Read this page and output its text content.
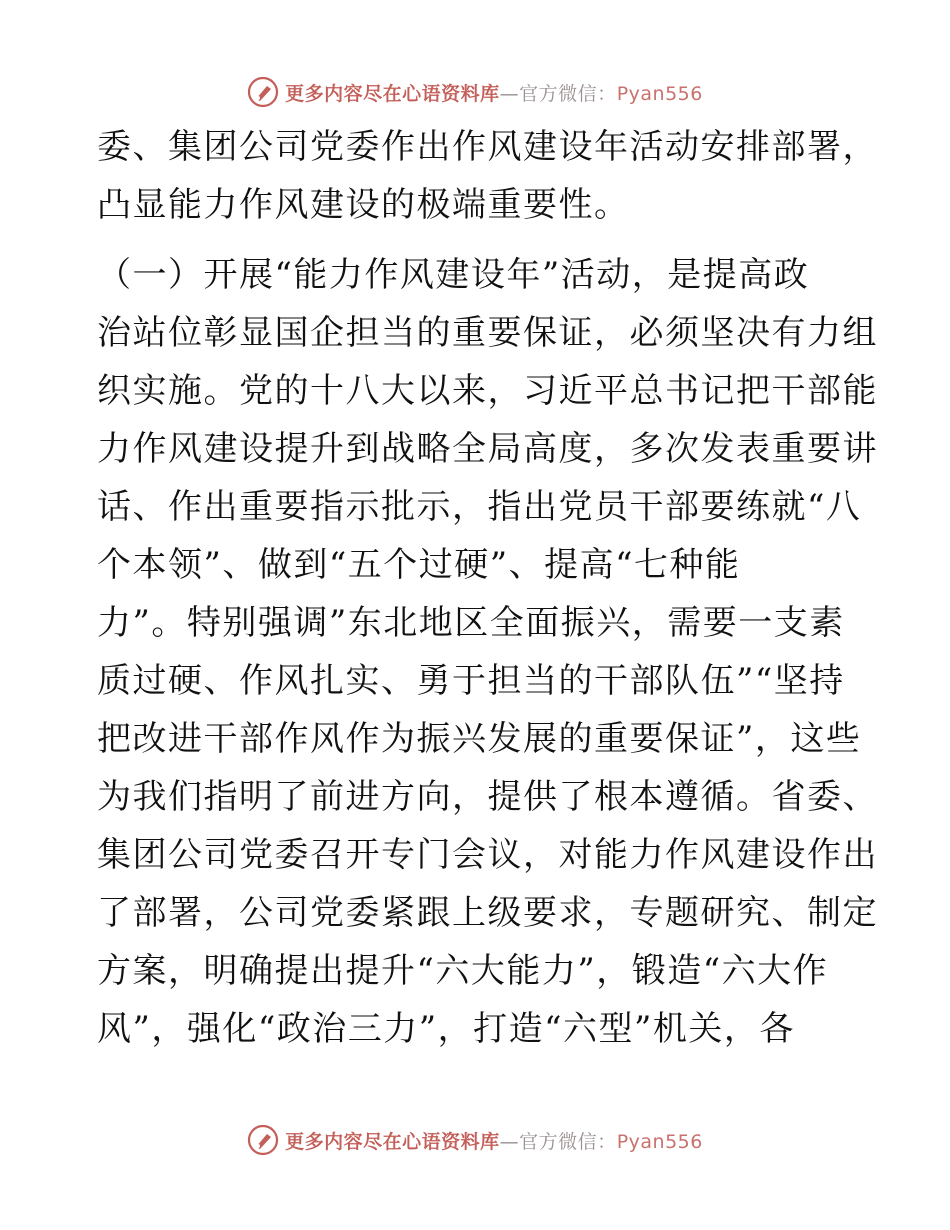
更多内容尽在心语资料库—官方微信：Pyan556
委、集团公司党委作出作风建设年活动安排部署，
凸显能力作风建设的极端重要性。
（一）开展“能力作风建设年”活动，是提高政
治站位彰显国企担当的重要保证，必须坚决有力组
织实施。党的十八大以来，习近平总书记把干部能
力作风建设提升到战略全局高度，多次发表重要讲
话、作出重要指示批示，指出党员干部要练就“八
个本领”、做到“五个过硬”、提高“七种能
力”。特别强调”东北地区全面振兴，需要一支素
质过硬、作风扎实、勇于担当的干部队伍”“坚持
把改进干部作风作为振兴发展的重要保证”，这些
为我们指明了前进方向，提供了根本遵循。省委、
集团公司党委召开专门会议，对能力作风建设作出
了部署，公司党委紧跟上级要求，专题研究、制定
方案，明确提出提升“六大能力”，锻造“六大作
风”，强化“政治三力”，打造“六型”机关，各
更多内容尽在心语资料库—官方微信：Pyan556
